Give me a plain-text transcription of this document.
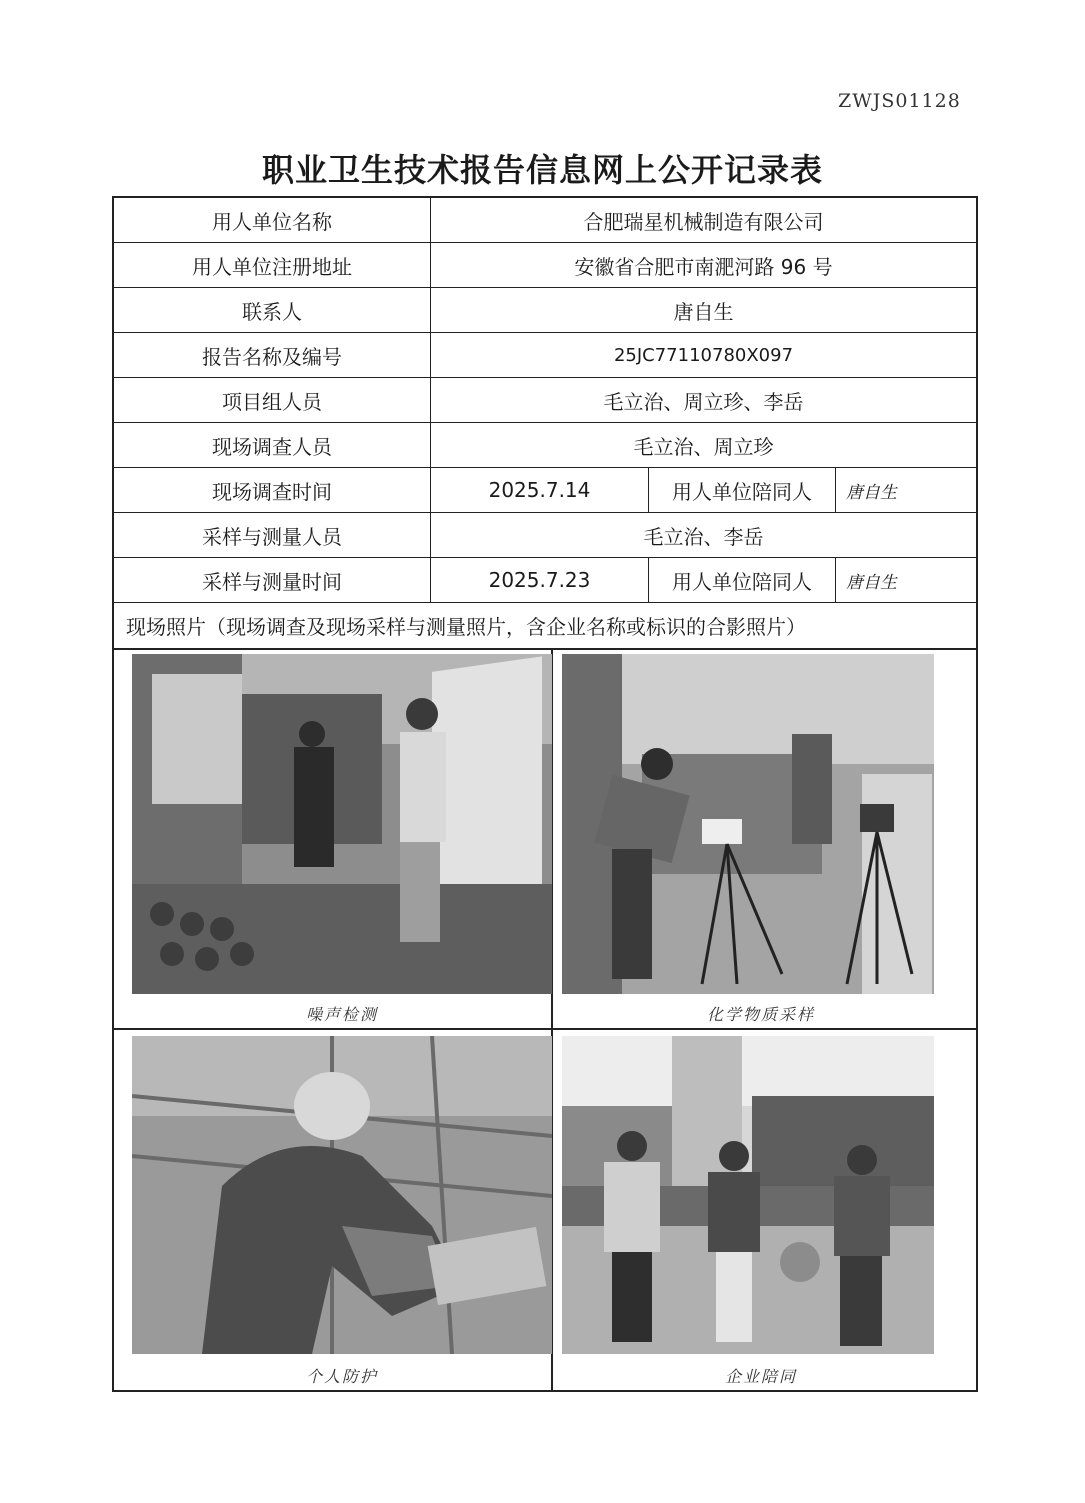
ZWJS01128
职业卫生技术报告信息网上公开记录表
用人单位名称	合肥瑞星机械制造有限公司
用人单位注册地址	安徽省合肥市南淝河路 96 号
联系人	唐自生
报告名称及编号	25JC77110780X097
项目组人员	毛立治、周立珍、李岳
现场调查人员	毛立治、周立珍
现场调查时间	2025.7.14	用人单位陪同人	唐自生
采样与测量人员	毛立治、李岳
采样与测量时间	2025.7.23	用人单位陪同人	唐自生
现场照片（现场调查及现场采样与测量照片，含企业名称或标识的合影照片）
噪声检测	化学物质采样
个人防护	企业陪同
